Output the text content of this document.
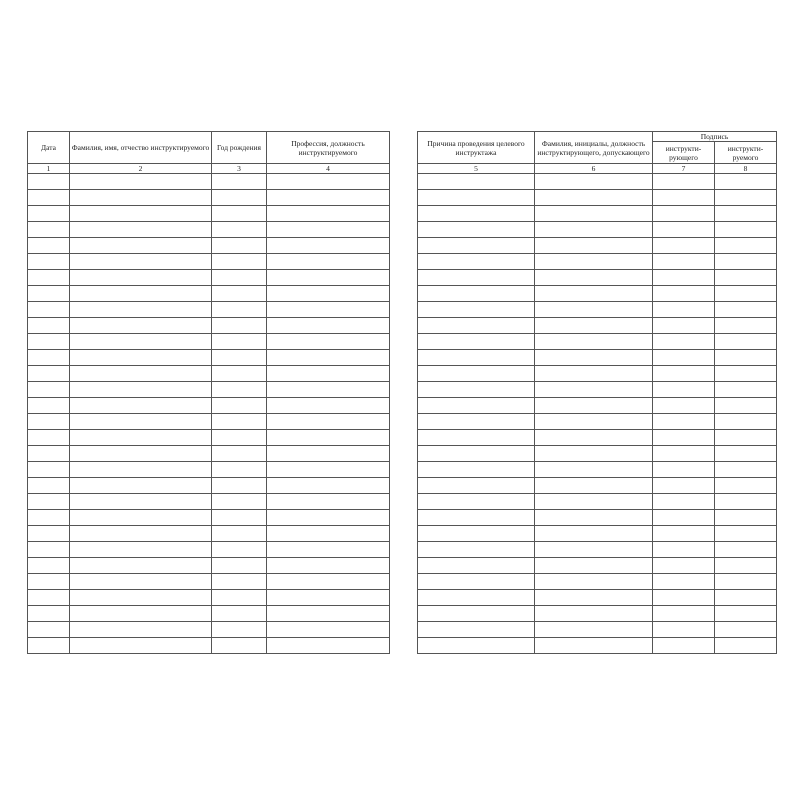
Дата	Фамилия, имя, отчество инструктируемого	Год рождения	Профессия, должность инструктируемого
1	2	3	4

Причина проведения целевого инструктажа	Фамилия, инициалы, должность инструктирующего, допускающего	Подпись	
		инструкти-рующего	инструкти-руемого
5	6	7	8
